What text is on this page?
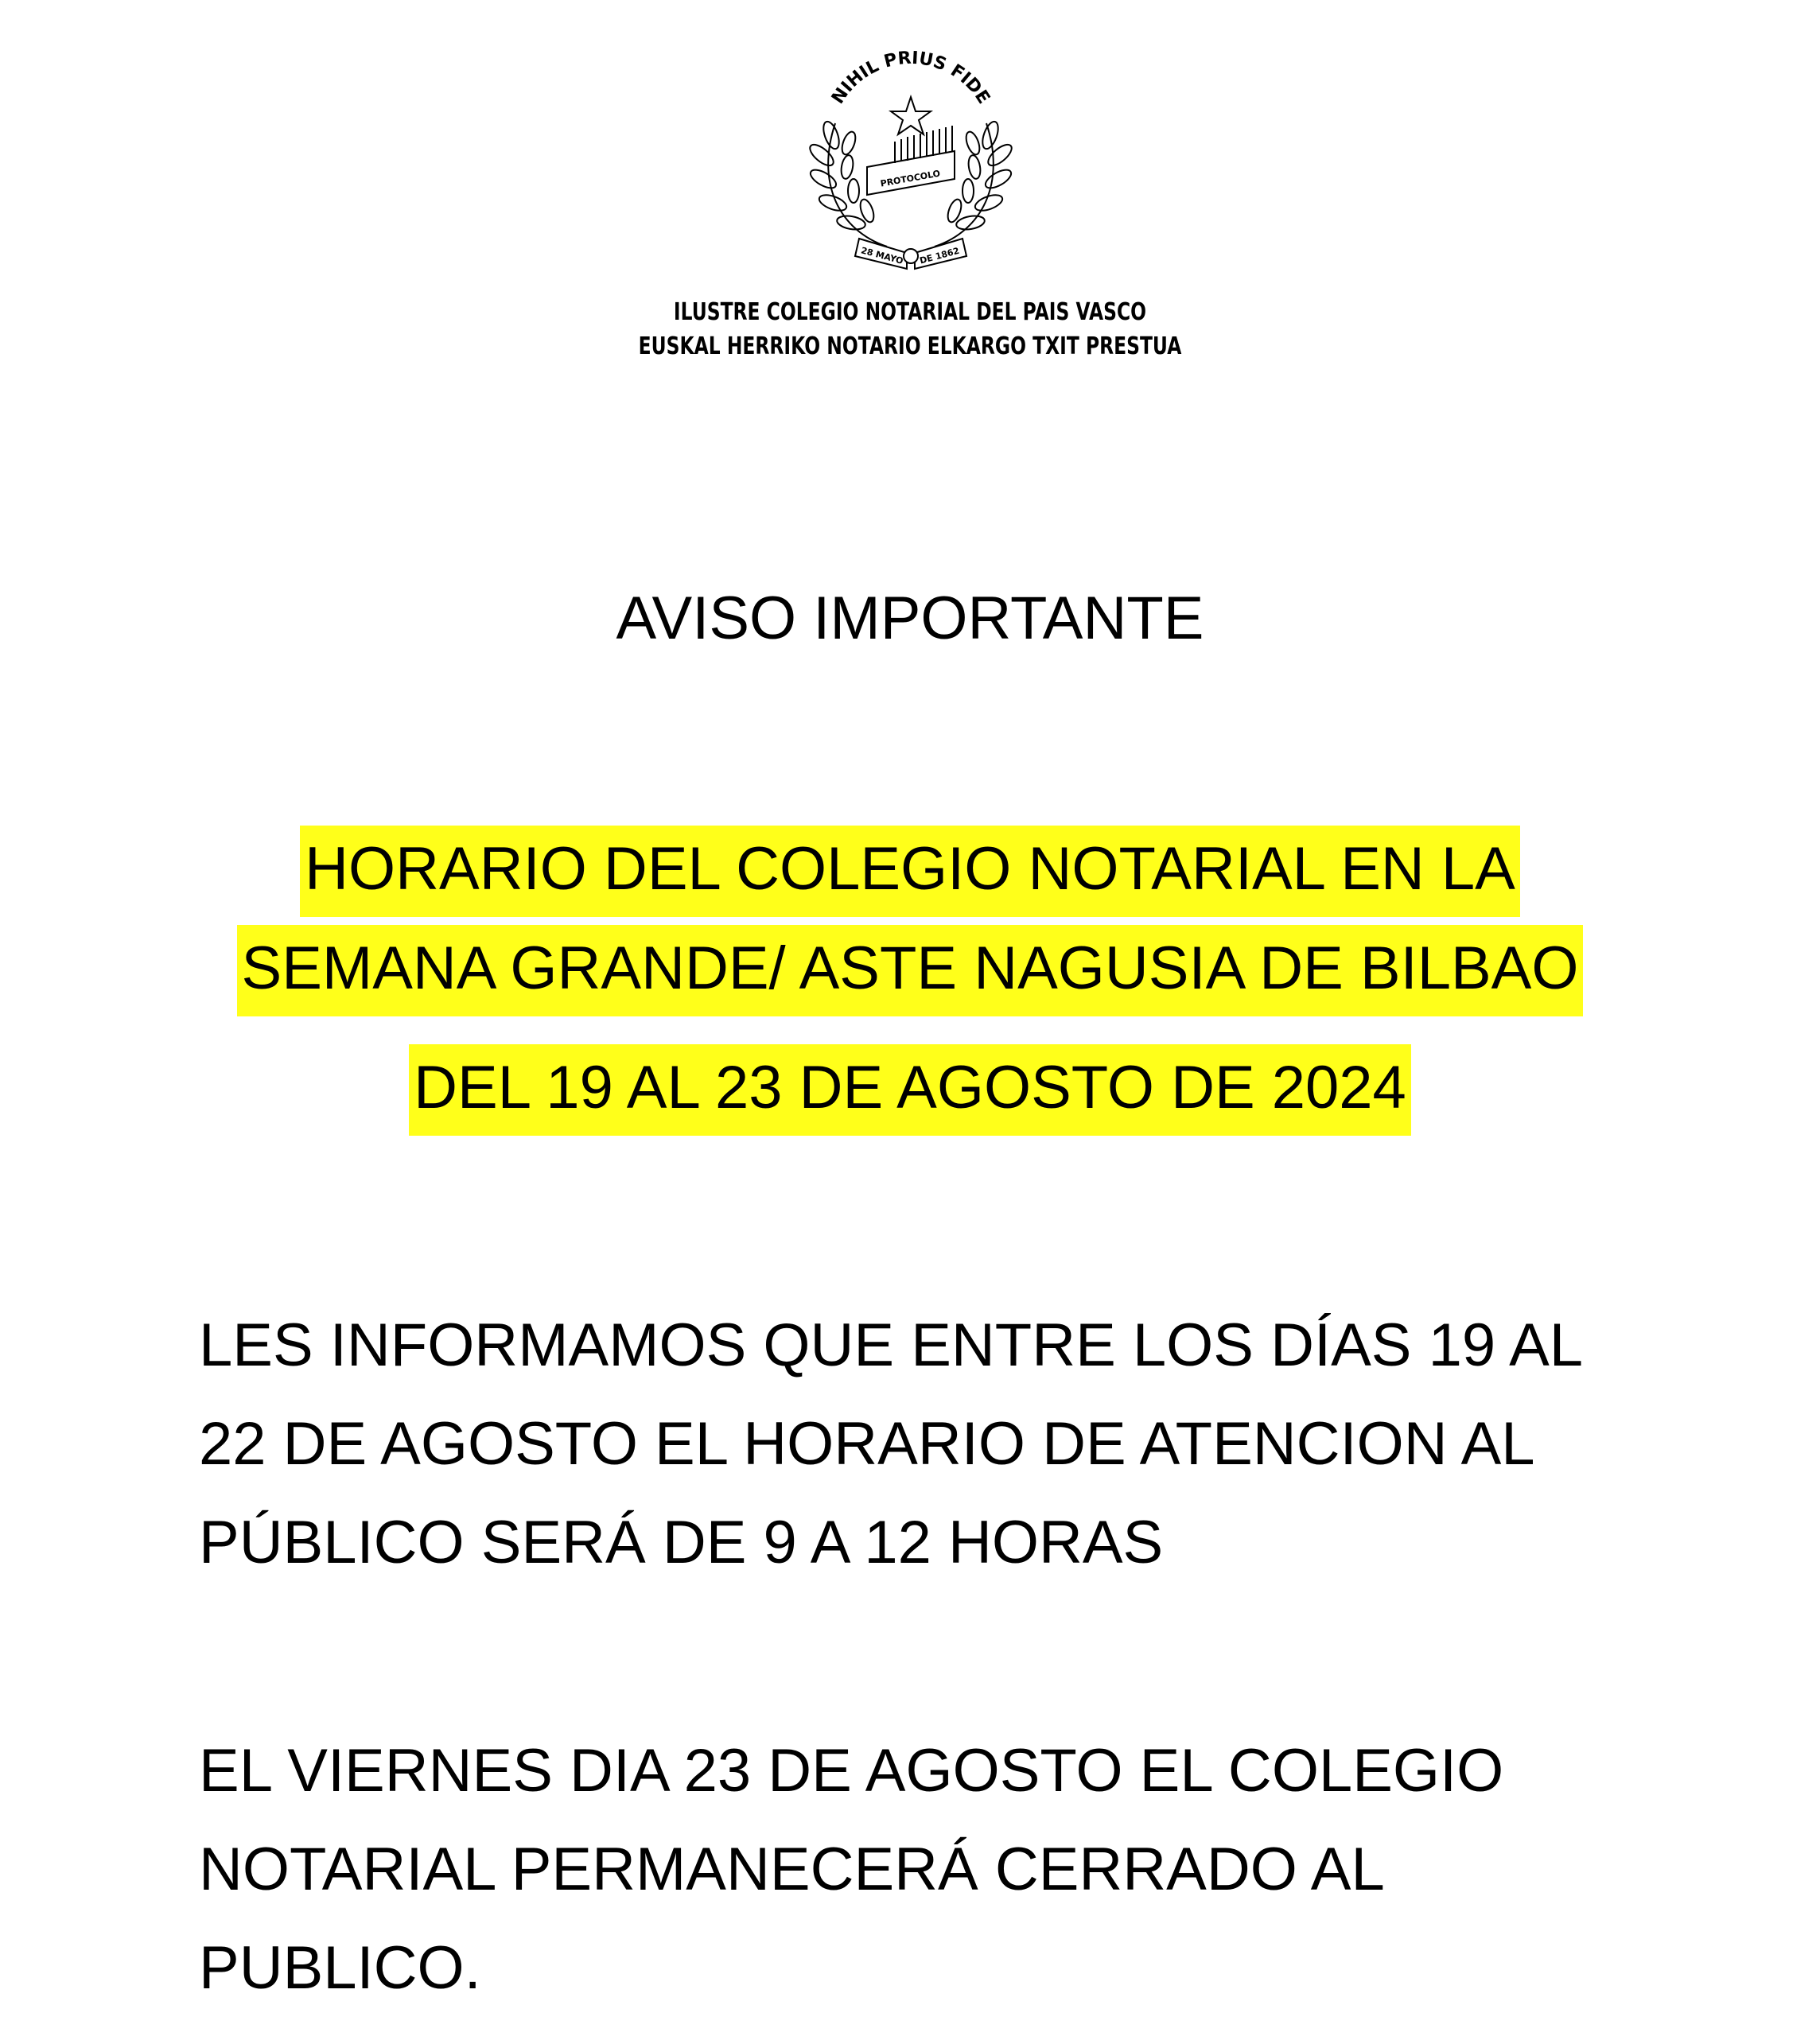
NIHIL PRIUS FIDE
PROTOCOLO
28 MAYO DE 1862
ILUSTRE COLEGIO NOTARIAL DEL PAIS VASCO
EUSKAL HERRIKO NOTARIO ELKARGO TXIT PRESTUA
AVISO IMPORTANTE
HORARIO DEL COLEGIO NOTARIAL EN LA
SEMANA GRANDE/ ASTE NAGUSIA DE BILBAO
DEL 19 AL 23 DE AGOSTO DE 2024
LES INFORMAMOS QUE ENTRE LOS DÍAS 19 AL
22 DE AGOSTO EL HORARIO DE ATENCION AL
PÚBLICO SERÁ DE 9 A 12 HORAS
EL VIERNES DIA 23 DE AGOSTO EL COLEGIO
NOTARIAL PERMANECERÁ CERRADO AL
PUBLICO.
